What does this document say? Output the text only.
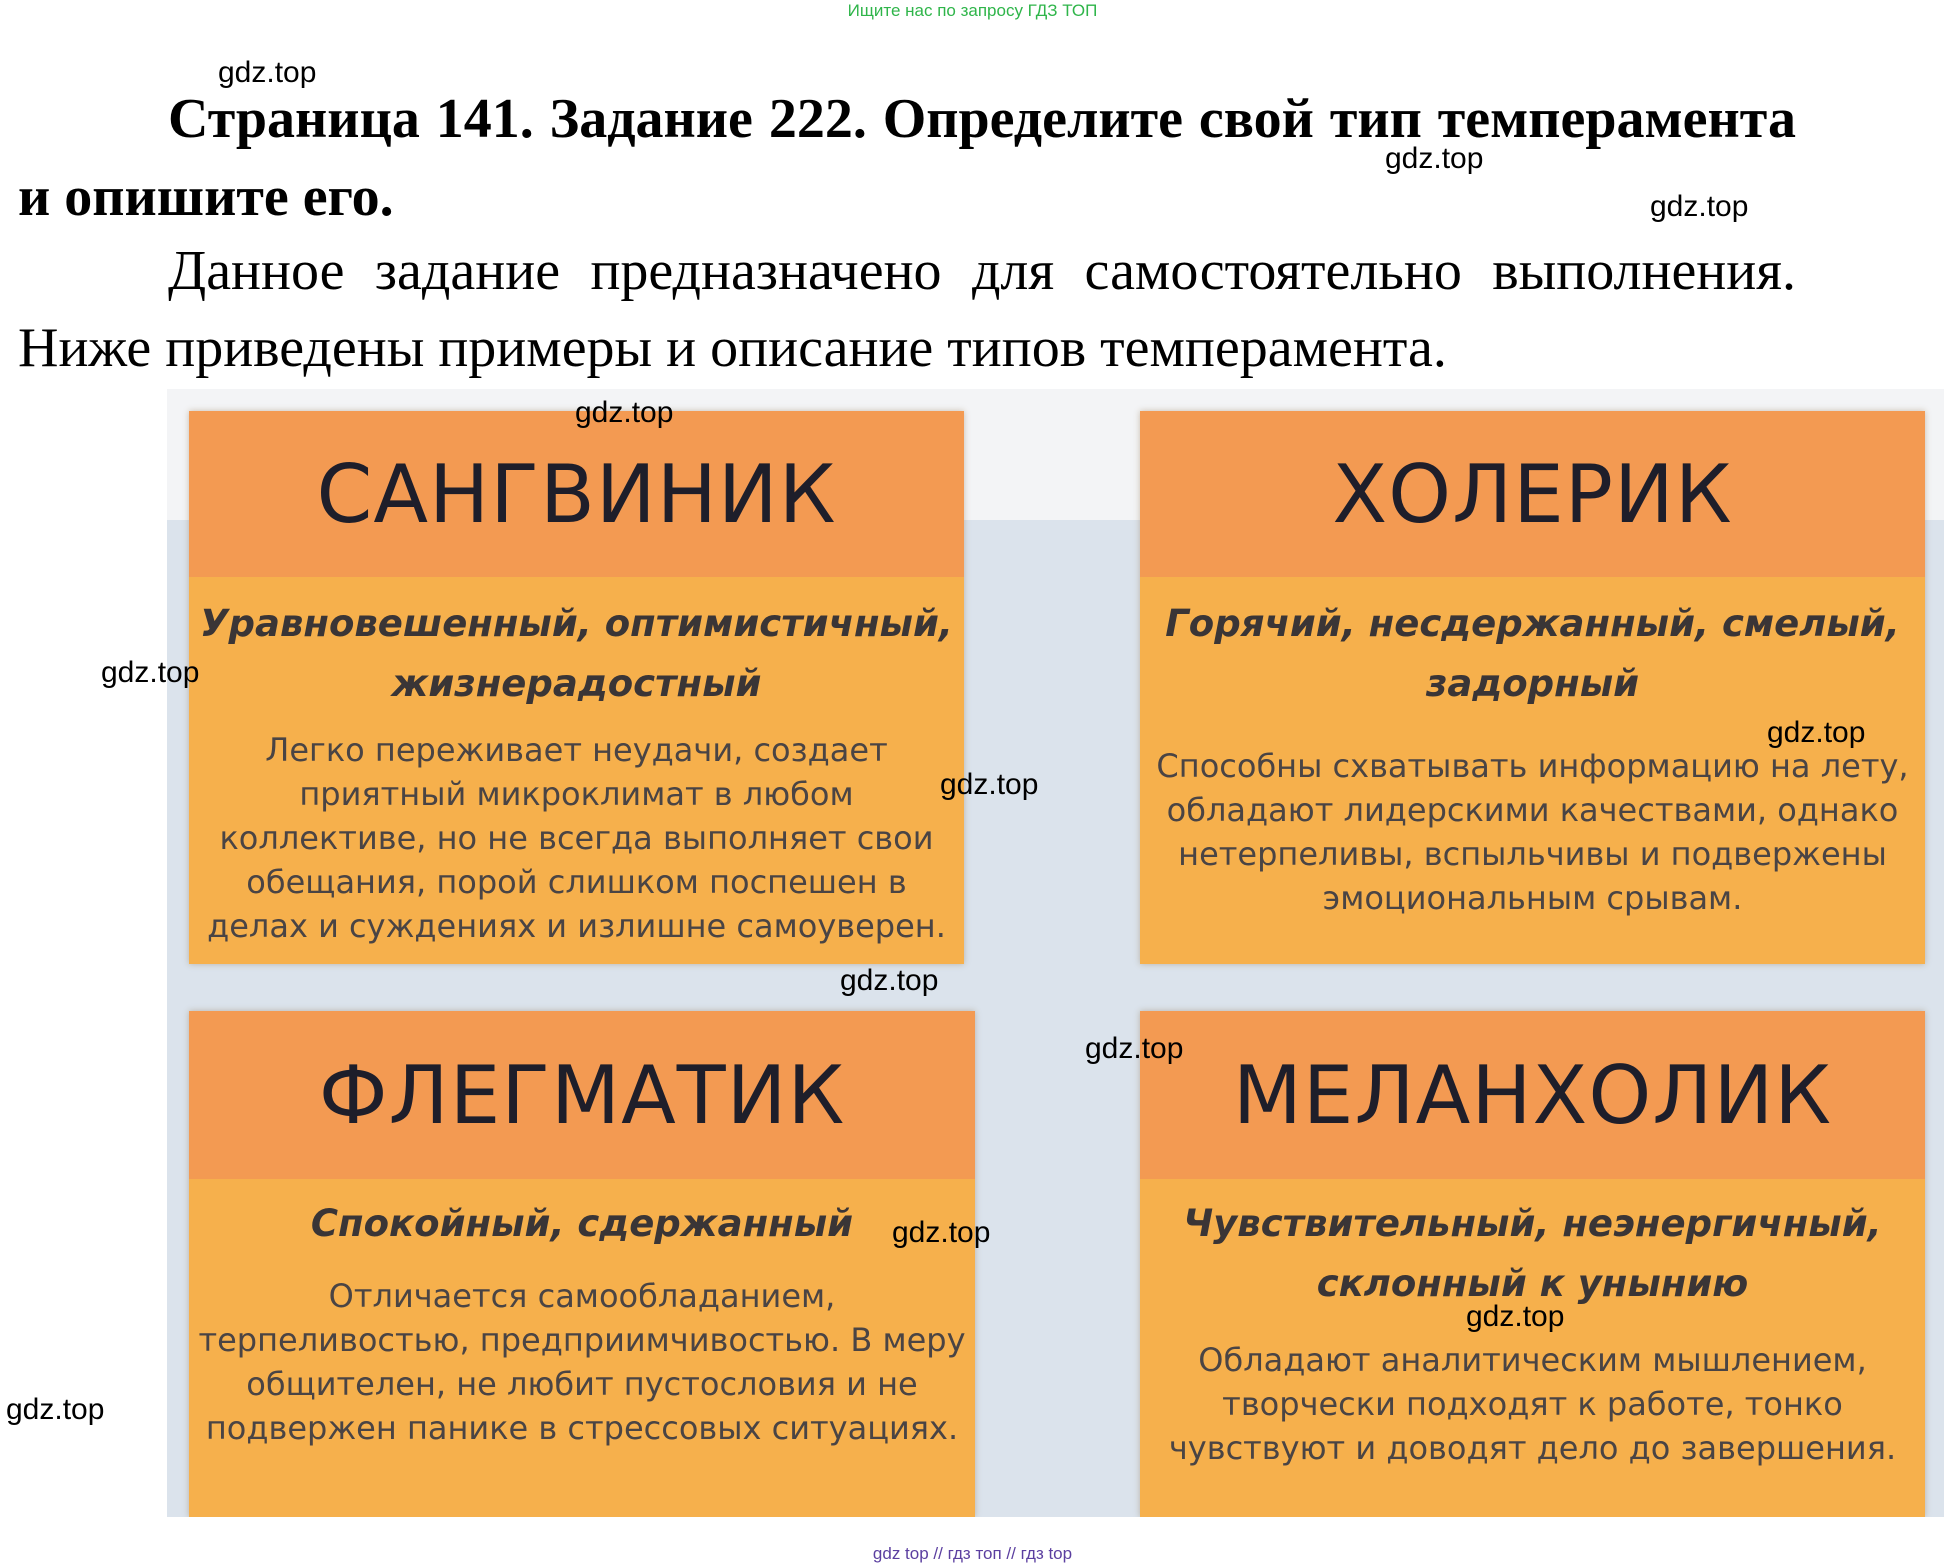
Ищите нас по запросу ГДЗ ТОП
Страница 141. Задание 222. Определите свой тип темперамента и опишите его.

Данное задание предназначено для самостоятельно выполнения. Ниже приведены примеры и описание типов темперамента.

САНГВИНИК
Уравновешенный, оптимистичный, жизнерадостный
Легко переживает неудачи, создает приятный микроклимат в любом коллективе, но не всегда выполняет свои обещания, порой слишком поспешен в делах и суждениях и излишне самоуверен.
ХОЛЕРИК
Горячий, несдержанный, смелый, задорный
Способны схватывать информацию на лету, обладают лидерскими качествами, однако нетерпеливы, вспыльчивы и подвержены эмоциональным срывам.
ФЛЕГМАТИК
Спокойный, сдержанный
Отличается самообладанием, терпеливостью, предприимчивостью. В меру общителен, не любит пустословия и не подвержен панике в стрессовых ситуациях.
МЕЛАНХОЛИК
Чувствительный, неэнергичный, склонный к унынию
Обладают аналитическим мышлением, творчески подходят к работе, тонко чувствуют и доводят дело до завершения.
gdz.top
gdz.top
gdz.top
gdz.top
gdz.top
gdz.top
gdz.top
gdz.top
gdz.top
gdz.top
gdz.top
gdz.top
gdz top // гдз топ // гдз top
